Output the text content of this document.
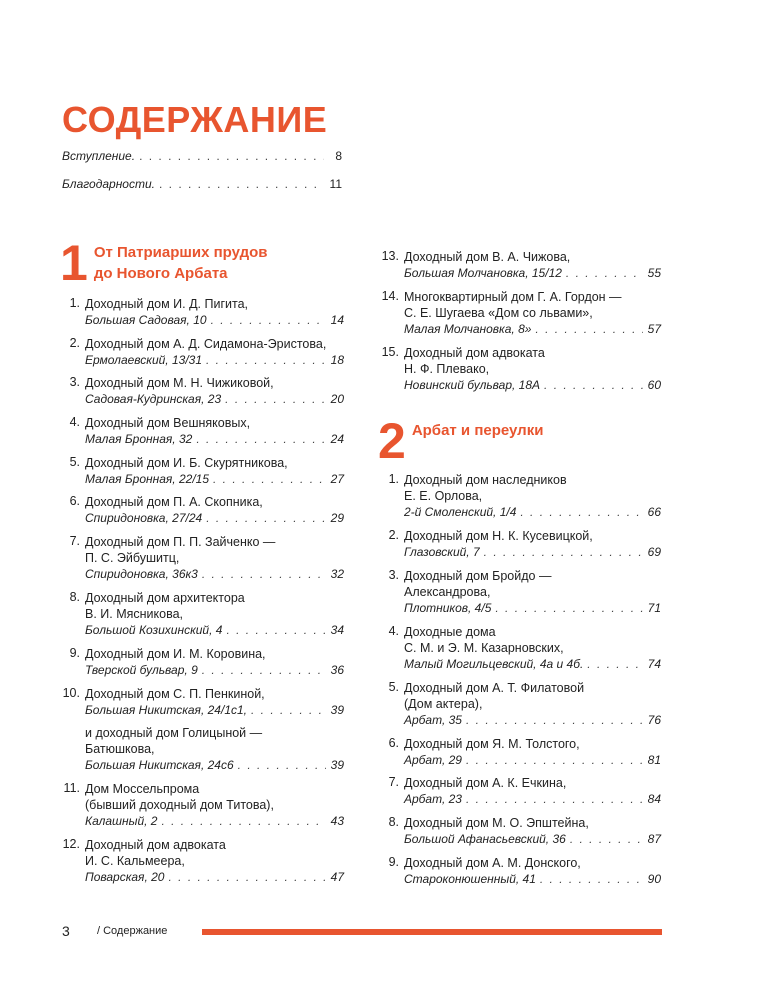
СОДЕРЖАНИЕ
Вступление. . . .	8
Благодарности. . . .	11
1 От Патриарших прудов
до Нового Арбата
2 Арбат и переулки
1. Доходный дом И. Д. Пигита,
Большая Садовая, 10 . . .	14
2. Доходный дом А. Д. Сидамона-Эристова,
Ермолаевский, 13/31 . . .	18
3. Доходный дом М. Н. Чижиковой,
Садовая-Кудринская, 23 . . .	20
4. Доходный дом Вешняковых,
Малая Бронная, 32 . . .	24
5. Доходный дом И. Б. Скурятникова,
Малая Бронная, 22/15 . . .	27
6. Доходный дом П. А. Скопника,
Спиридоновка, 27/24 . . .	29
7. Доходный дом П. П. Зайченко —
П. С. Эйбушитц,
Спиридоновка, 36к3 . . .	32
8. Доходный дом архитектора
В. И. Мясникова,
Большой Козихинский, 4 . . .	34
9. Доходный дом И. М. Коровина,
Тверской бульвар, 9 . . .	36
10. Доходный дом С. П. Пенкиной,
Большая Никитская, 24/1с1, . . .	39
и доходный дом Голицыной —
Батюшкова,
Большая Никитская, 24с6 . . .	39
11. Дом Моссельпрома
(бывший доходный дом Титова),
Калашный, 2 . . .	43
12. Доходный дом адвоката
И. С. Кальмеера,
Поварская, 20 . . .	47
13. Доходный дом В. А. Чижова,
Большая Молчановка, 15/12 . . .	55
14. Многоквартирный дом Г. А. Гордон —
С. Е. Шугаева «Дом со львами»,
Малая Молчановка, 8» . . .	57
15. Доходный дом адвоката
Н. Ф. Плевако,
Новинский бульвар, 18А . . .	60
1. Доходный дом наследников
Е. Е. Орлова,
2-й Смоленский, 1/4 . . .	66
2. Доходный дом Н. К. Кусевицкой,
Глазовский, 7 . . .	69
3. Доходный дом Бройдо —
Александрова,
Плотников, 4/5 . . .	71
4. Доходные дома
С. М. и Э. М. Казарновских,
Малый Могильцевский, 4а и 4б. . . .	74
5. Доходный дом А. Т. Филатовой
(Дом актера),
Арбат, 35 . . .	76
6. Доходный дом Я. М. Толстого,
Арбат, 29 . . .	81
7. Доходный дом А. К. Ечкина,
Арбат, 23 . . .	84
8. Доходный дом М. О. Эпштейна,
Большой Афанасьевский, 36 . . .	87
9. Доходный дом А. М. Донского,
Староконюшенный, 41 . . .	90
3 / Содержание
